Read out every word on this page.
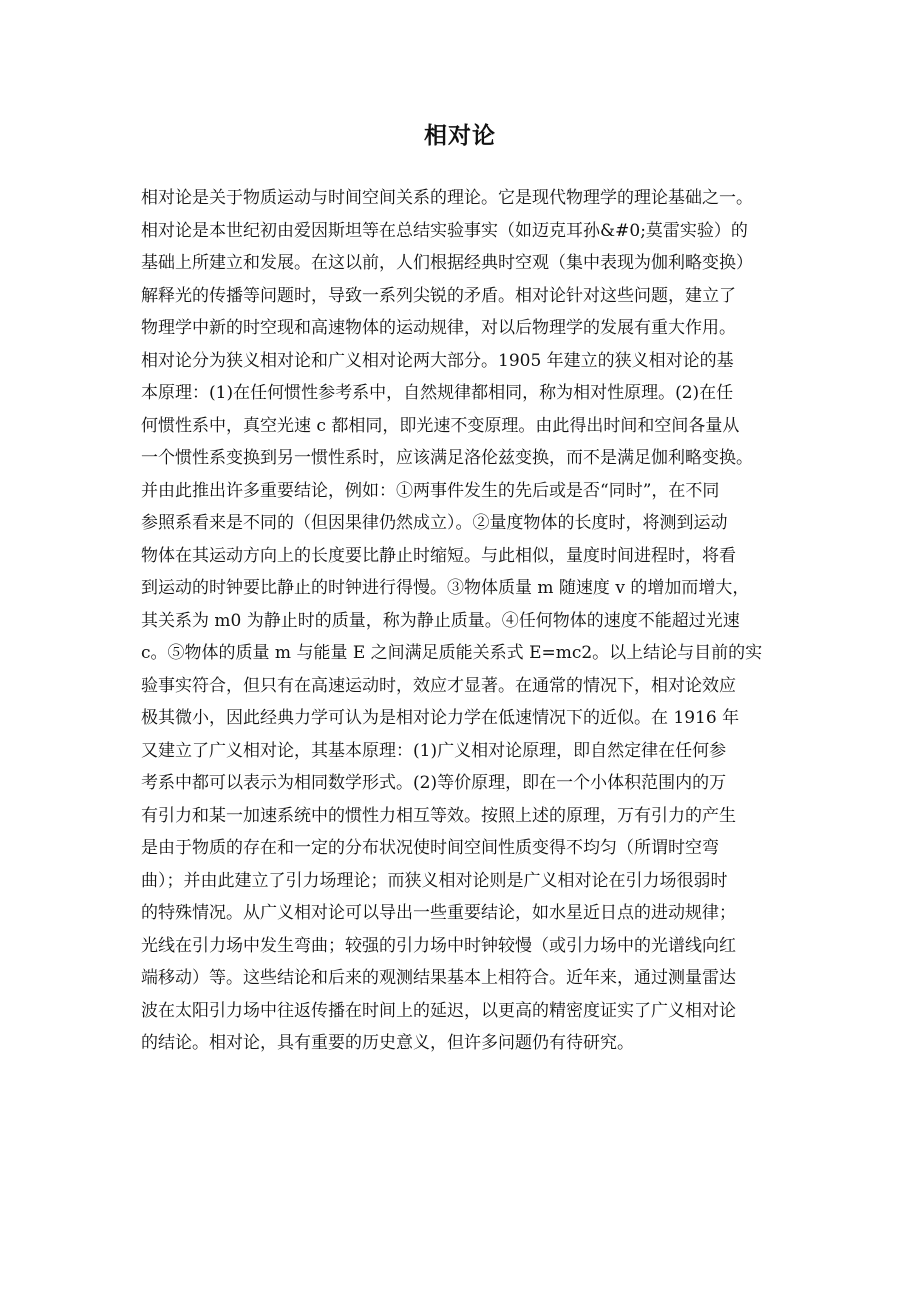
相对论
相对论是关于物质运动与时间空间关系的理论。它是现代物理学的理论基础之一。
相对论是本世纪初由爱因斯坦等在总结实验事实（如迈克耳孙&#0;莫雷实验）的
基础上所建立和发展。在这以前，人们根据经典时空观（集中表现为伽利略变换）
解释光的传播等问题时，导致一系列尖锐的矛盾。相对论针对这些问题，建立了
物理学中新的时空现和高速物体的运动规律，对以后物理学的发展有重大作用。
相对论分为狭义相对论和广义相对论两大部分。1905 年建立的狭义相对论的基
本原理：(1)在任何惯性参考系中，自然规律都相同，称为相对性原理。(2)在任
何惯性系中，真空光速 c 都相同，即光速不变原理。由此得出时间和空间各量从
一个惯性系变换到另一惯性系时，应该满足洛伦兹变换，而不是满足伽利略变换。
并由此推出许多重要结论，例如：①两事件发生的先后或是否“同时”，在不同
参照系看来是不同的（但因果律仍然成立）。②量度物体的长度时，将测到运动
物体在其运动方向上的长度要比静止时缩短。与此相似，量度时间进程时，将看
到运动的时钟要比静止的时钟进行得慢。③物体质量 m 随速度 v 的增加而增大，
其关系为 m0 为静止时的质量，称为静止质量。④任何物体的速度不能超过光速
c。⑤物体的质量 m 与能量 E 之间满足质能关系式 E=mc2。以上结论与目前的实
验事实符合，但只有在高速运动时，效应才显著。在通常的情况下，相对论效应
极其微小，因此经典力学可认为是相对论力学在低速情况下的近似。在 1916 年
又建立了广义相对论，其基本原理：(1)广义相对论原理，即自然定律在任何参
考系中都可以表示为相同数学形式。(2)等价原理，即在一个小体积范围内的万
有引力和某一加速系统中的惯性力相互等效。按照上述的原理，万有引力的产生
是由于物质的存在和一定的分布状况使时间空间性质变得不均匀（所谓时空弯
曲）；并由此建立了引力场理论；而狭义相对论则是广义相对论在引力场很弱时
的特殊情况。从广义相对论可以导出一些重要结论，如水星近日点的进动规律；
光线在引力场中发生弯曲；较强的引力场中时钟较慢（或引力场中的光谱线向红
端移动）等。这些结论和后来的观测结果基本上相符合。近年来，通过测量雷达
波在太阳引力场中往返传播在时间上的延迟，以更高的精密度证实了广义相对论
的结论。相对论，具有重要的历史意义，但许多问题仍有待研究。
